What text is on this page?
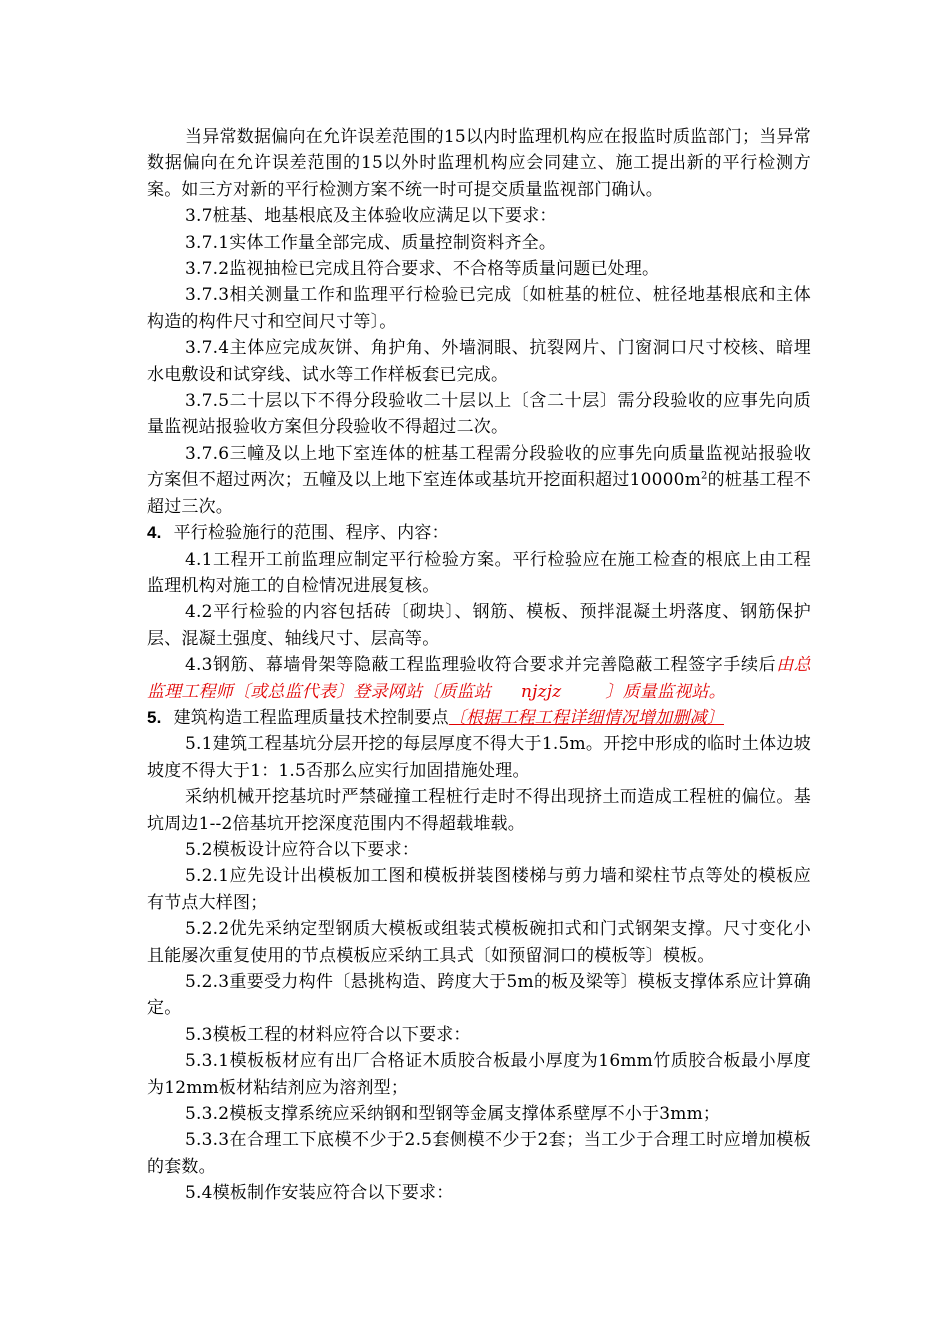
当异常数据偏向在允许误差范围的15以内时监理机构应在报监时质监部门；当异常数据偏向在允许误差范围的15以外时监理机构应会同建立、施工提出新的平行检测方案。如三方对新的平行检测方案不统一时可提交质量监视部门确认。

3.7桩基、地基根底及主体验收应满足以下要求：

3.7.1实体工作量全部完成、质量控制资料齐全。

3.7.2监视抽检已完成且符合要求、不合格等质量问题已处理。

3.7.3相关测量工作和监理平行检验已完成〔如桩基的桩位、桩径地基根底和主体构造的构件尺寸和空间尺寸等〕。

3.7.4主体应完成灰饼、角护角、外墙洞眼、抗裂网片、门窗洞口尺寸校核、暗埋水电敷设和试穿线、试水等工作样板套已完成。

3.7.5二十层以下不得分段验收二十层以上〔含二十层〕需分段验收的应事先向质量监视站报验收方案但分段验收不得超过二次。

3.7.6三幢及以上地下室连体的桩基工程需分段验收的应事先向质量监视站报验收方案但不超过两次；五幢及以上地下室连体或基坑开挖面积超过$10000m^2$的桩基工程不超过三次。

4. 平行检验施行的范围、程序、内容：

4.1工程开工前监理应制定平行检验方案。平行检验应在施工检查的根底上由工程监理机构对施工的自检情况进展复核。

4.2平行检验的内容包括砖〔砌块〕、钢筋、模板、预拌混凝土坍落度、钢筋保护层、混凝土强度、轴线尺寸、层高等。

4.3钢筋、幕墙骨架等隐蔽工程监理验收符合要求并完善隐蔽工程签字手续后由总监理工程师〔或总监代表〕登录网站〔质监站 njzjz	〕质量监视站。

5. 建筑构造工程监理质量技术控制要点〔根据工程工程详细情况增加删减〕

5.1建筑工程基坑分层开挖的每层厚度不得大于1.5m。开挖中形成的临时土体边坡坡度不得大于1：1.5否那么应实行加固措施处理。

采纳机械开挖基坑时严禁碰撞工程桩行走时不得出现挤土而造成工程桩的偏位。基坑周边1--2倍基坑开挖深度范围内不得超载堆载。

5.2模板设计应符合以下要求：

5.2.1应先设计出模板加工图和模板拼装图楼梯与剪力墙和梁柱节点等处的模板应有节点大样图；

5.2.2优先采纳定型钢质大模板或组装式模板碗扣式和门式钢架支撑。尺寸变化小且能屡次重复使用的节点模板应采纳工具式〔如预留洞口的模板等〕模板。

5.2.3重要受力构件〔悬挑构造、跨度大于5m的板及梁等〕模板支撑体系应计算确定。

5.3模板工程的材料应符合以下要求：

5.3.1模板板材应有出厂合格证木质胶合板最小厚度为16mm竹质胶合板最小厚度为12mm板材粘结剂应为溶剂型；

5.3.2模板支撑系统应采纳钢和型钢等金属支撑体系壁厚不小于3mm；

5.3.3在合理工下底模不少于2.5套侧模不少于2套；当工少于合理工时应增加模板的套数。

5.4模板制作安装应符合以下要求：
